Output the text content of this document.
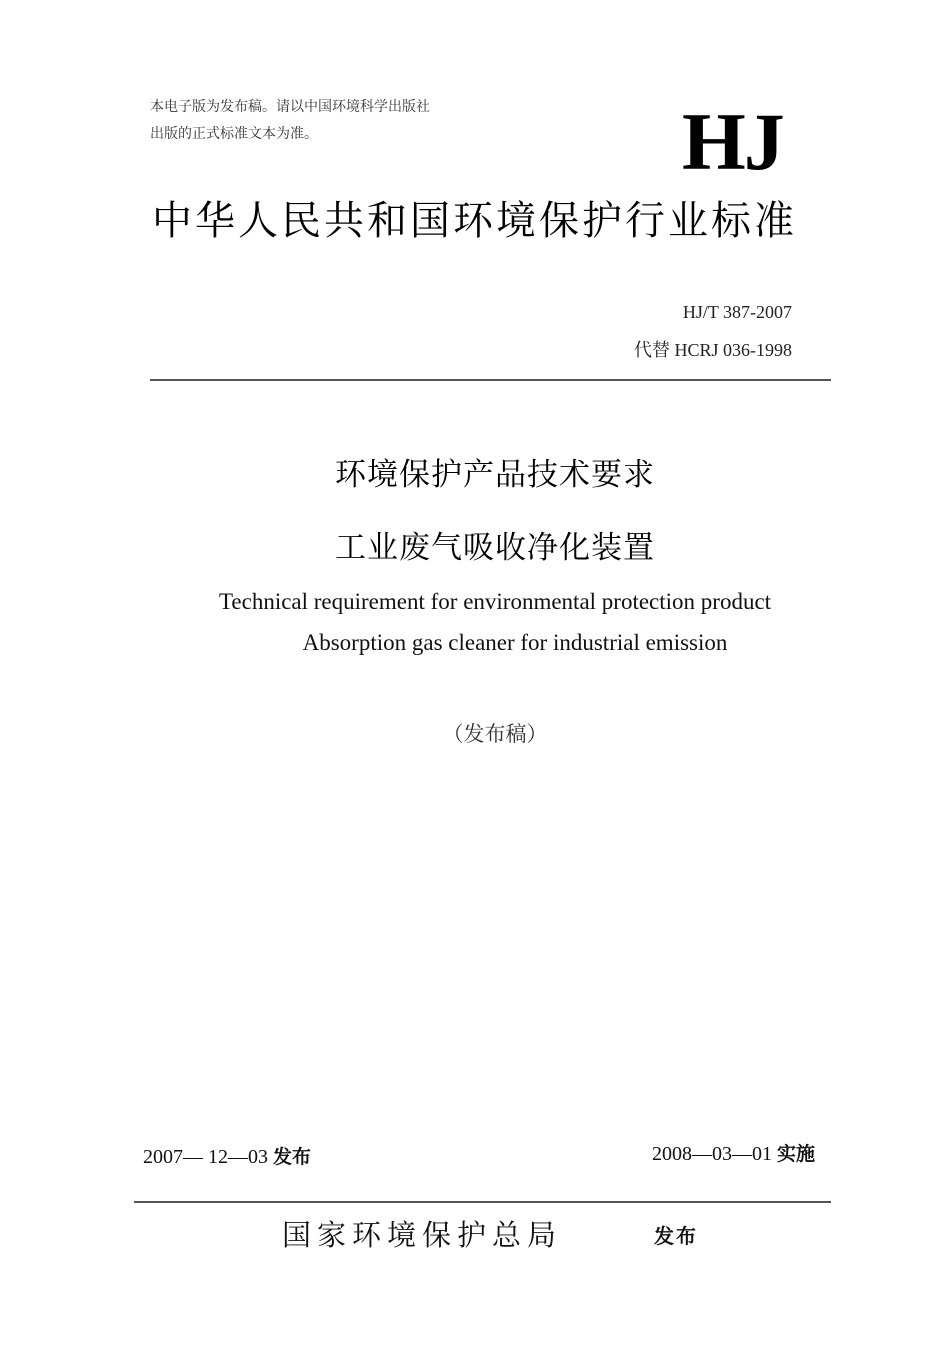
本电子版为发布稿。请以中国环境科学出版社
出版的正式标准文本为准。	HJ
中华人民共和国环境保护行业标准
HJ/T 387-2007
代替 HCRJ 036-1998
环境保护产品技术要求
工业废气吸收净化装置
Technical requirement for environmental protection product
Absorption gas cleaner for industrial emission
（发布稿）
2007— 12—03 发布	2008—03—01 实施
国家环境保护总局	发布
